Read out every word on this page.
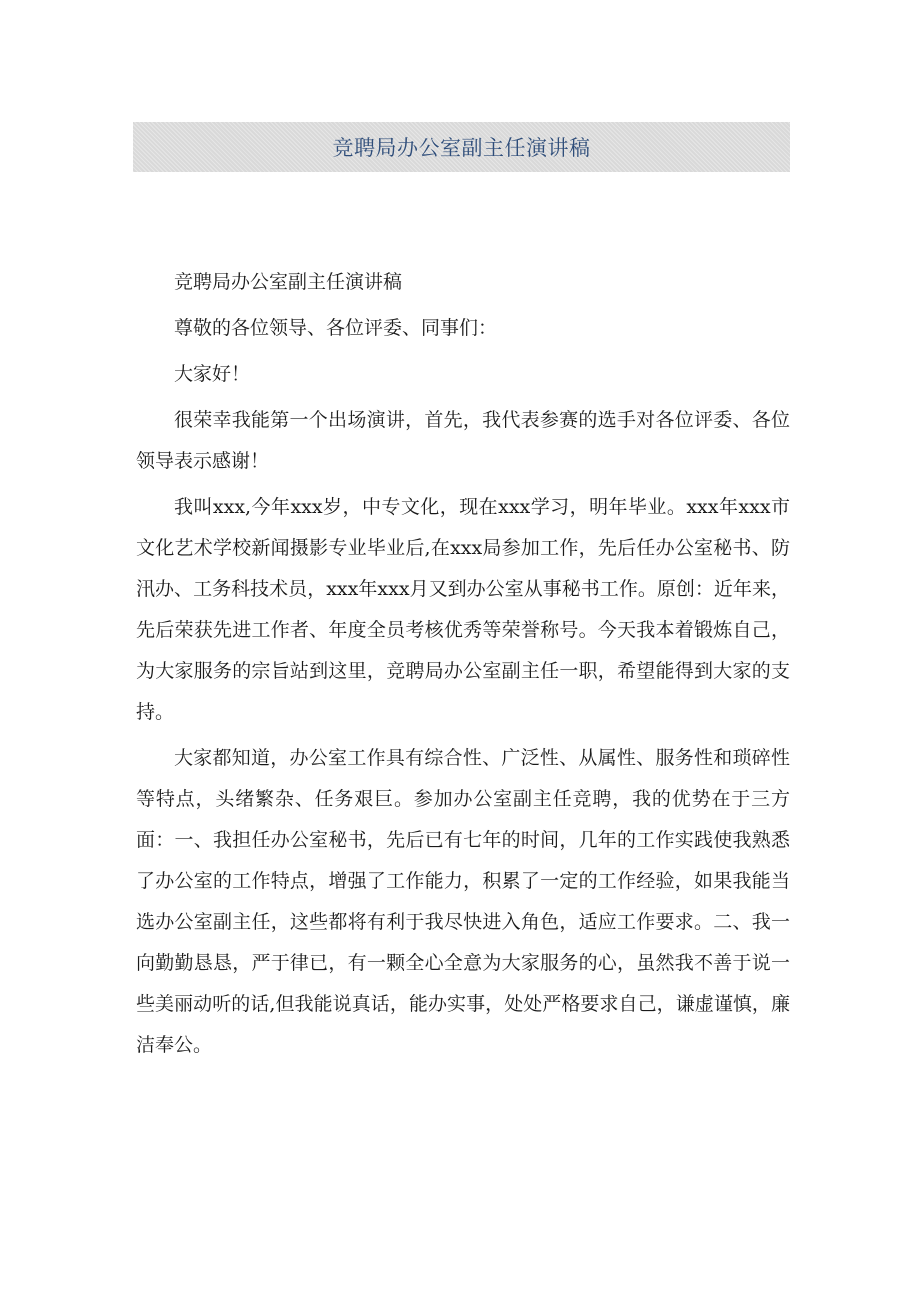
竞聘局办公室副主任演讲稿

竞聘局办公室副主任演讲稿

尊敬的各位领导、各位评委、同事们：

大家好！

很荣幸我能第一个出场演讲，首先，我代表参赛的选手对各位评委、各位领导表示感谢！

我叫xxx,今年xxx岁，中专文化，现在xxx学习，明年毕业。xxx年xxx市文化艺术学校新闻摄影专业毕业后,在xxx局参加工作，先后任办公室秘书、防汛办、工务科技术员，xxx年xxx月又到办公室从事秘书工作。原创：近年来，先后荣获先进工作者、年度全员考核优秀等荣誉称号。今天我本着锻炼自己，为大家服务的宗旨站到这里，竞聘局办公室副主任一职，希望能得到大家的支持。

大家都知道，办公室工作具有综合性、广泛性、从属性、服务性和琐碎性等特点，头绪繁杂、任务艰巨。参加办公室副主任竞聘，我的优势在于三方面：一、我担任办公室秘书，先后已有七年的时间，几年的工作实践使我熟悉了办公室的工作特点，增强了工作能力，积累了一定的工作经验，如果我能当选办公室副主任，这些都将有利于我尽快进入角色，适应工作要求。二、我一向勤勤恳恳，严于律已，有一颗全心全意为大家服务的心，虽然我不善于说一些美丽动听的话,但我能说真话，能办实事，处处严格要求自己，谦虚谨慎，廉洁奉公。
